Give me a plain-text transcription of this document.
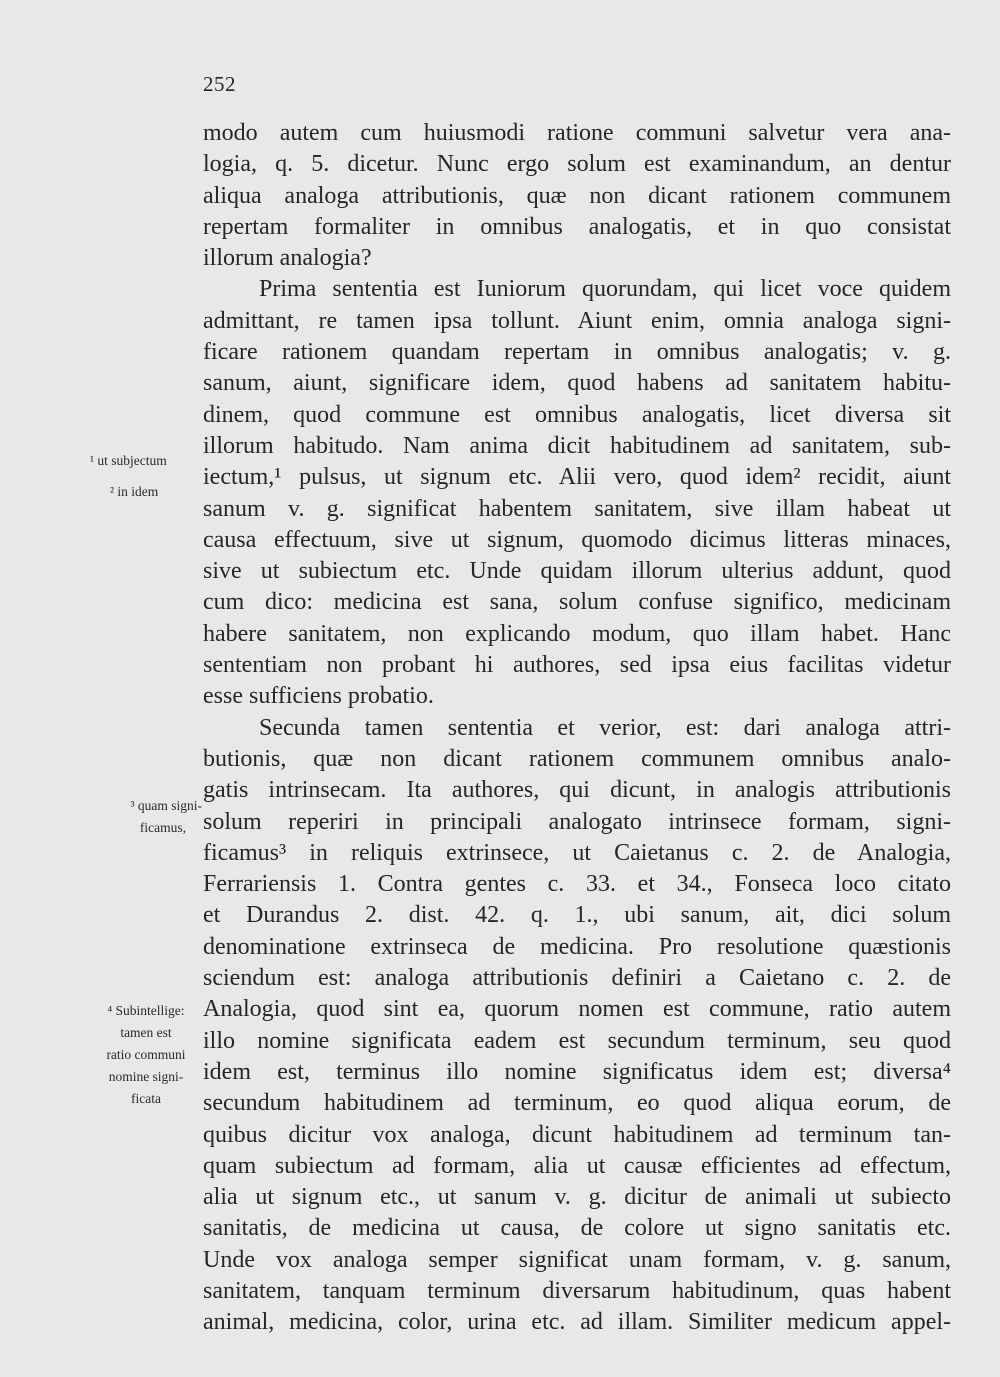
252
modo autem cum huiusmodi ratione communi salvetur vera ana-
logia, q. 5. dicetur. Nunc ergo solum est examinandum, an dentur
aliqua analoga attributionis, quæ non dicant rationem communem
repertam formaliter in omnibus analogatis, et in quo consistat
illorum analogia?
Prima sententia est Iuniorum quorundam, qui licet voce quidem
admittant, re tamen ipsa tollunt. Aiunt enim, omnia analoga signi-
ficare rationem quandam repertam in omnibus analogatis; v. g.
sanum, aiunt, significare idem, quod habens ad sanitatem habitu-
dinem, quod commune est omnibus analogatis, licet diversa sit
illorum habitudo. Nam anima dicit habitudinem ad sanitatem, sub-
iectum,¹ pulsus, ut signum etc. Alii vero, quod idem² recidit, aiunt
sanum v. g. significat habentem sanitatem, sive illam habeat ut
causa effectuum, sive ut signum, quomodo dicimus litteras minaces,
sive ut subiectum etc. Unde quidam illorum ulterius addunt, quod
cum dico: medicina est sana, solum confuse significo, medicinam
habere sanitatem, non explicando modum, quo illam habet. Hanc
sententiam non probant hi authores, sed ipsa eius facilitas videtur
esse sufficiens probatio.
Secunda tamen sententia et verior, est: dari analoga attri-
butionis, quæ non dicant rationem communem omnibus analo-
gatis intrinsecam. Ita authores, qui dicunt, in analogis attributionis
solum reperiri in principali analogato intrinsece formam, signi-
ficamus³ in reliquis extrinsece, ut Caietanus c. 2. de Analogia,
Ferrariensis 1. Contra gentes c. 33. et 34., Fonseca loco citato
et Durandus 2. dist. 42. q. 1., ubi sanum, ait, dici solum
denominatione extrinseca de medicina. Pro resolutione quæstionis
sciendum est: analoga attributionis definiri a Caietano c. 2. de
Analogia, quod sint ea, quorum nomen est commune, ratio autem
illo nomine significata eadem est secundum terminum, seu quod
idem est, terminus illo nomine significatus idem est; diversa⁴
secundum habitudinem ad terminum, eo quod aliqua eorum, de
quibus dicitur vox analoga, dicunt habitudinem ad terminum tan-
quam subiectum ad formam, alia ut causæ efficientes ad effectum,
alia ut signum etc., ut sanum v. g. dicitur de animali ut subiecto
sanitatis, de medicina ut causa, de colore ut signo sanitatis etc.
Unde vox analoga semper significat unam formam, v. g. sanum,
sanitatem, tanquam terminum diversarum habitudinum, quas habent
animal, medicina, color, urina etc. ad illam. Similiter medicum appel-
¹ ut subjectum
² in idem
³ quam signi-
ficamus,
⁴ Subintellige:
tamen est
ratio communi
nomine signi-
ficata
